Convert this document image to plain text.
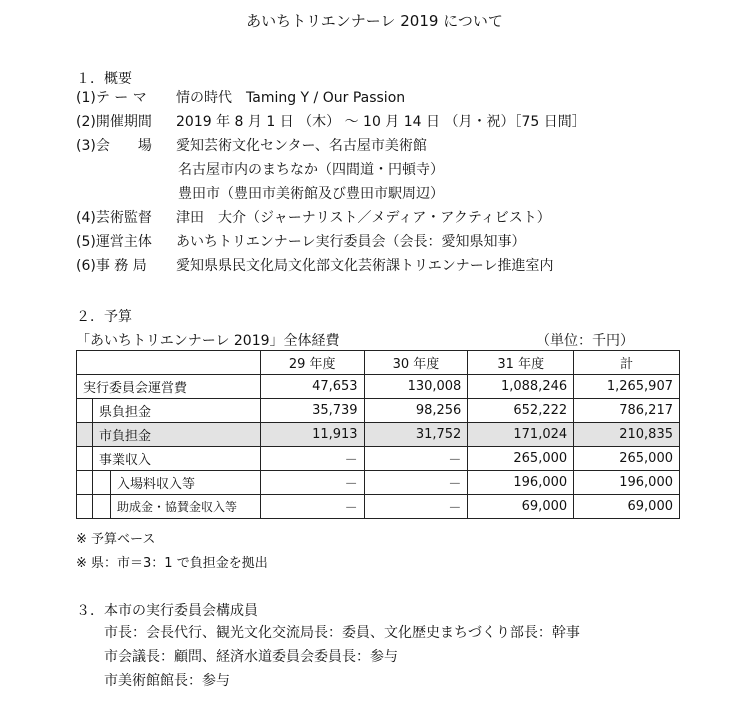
あいちトリエンナーレ 2019 について
１．概要
(1)テ ー マ 情の時代　Taming Y / Our Passion
(2)開催期間 2019 年 8 月 1 日 （木） ～ 10 月 14 日 （月・祝）［75 日間］
(3)会　　場 愛知芸術文化センター、名古屋市美術館
名古屋市内のまちなか（四間道・円頓寺）
豊田市（豊田市美術館及び豊田市駅周辺）
(4)芸術監督 津田　大介（ジャーナリスト／メディア・アクティビスト）
(5)運営主体 あいちトリエンナーレ実行委員会（会長：愛知県知事）
(6)事 務 局 愛知県県民文化局文化部文化芸術課トリエンナーレ推進室内
２．予算
「あいちトリエンナーレ 2019」全体経費	（単位：千円）
	29 年度	30 年度	31 年度	計
実行委員会運営費	47,653	130,008	1,088,246	1,265,907
県負担金	35,739	98,256	652,222	786,217
市負担金	11,913	31,752	171,024	210,835
事業収入	－	－	265,000	265,000
入場料収入等	－	－	196,000	196,000
助成金・協賛金収入等	－	－	69,000	69,000
※ 予算ベース
※ 県：市＝3：1 で負担金を拠出
３．本市の実行委員会構成員
市長：会長代行、観光文化交流局長：委員、文化歴史まちづくり部長：幹事
市会議長：顧問、経済水道委員会委員長：参与
市美術館館長：参与
